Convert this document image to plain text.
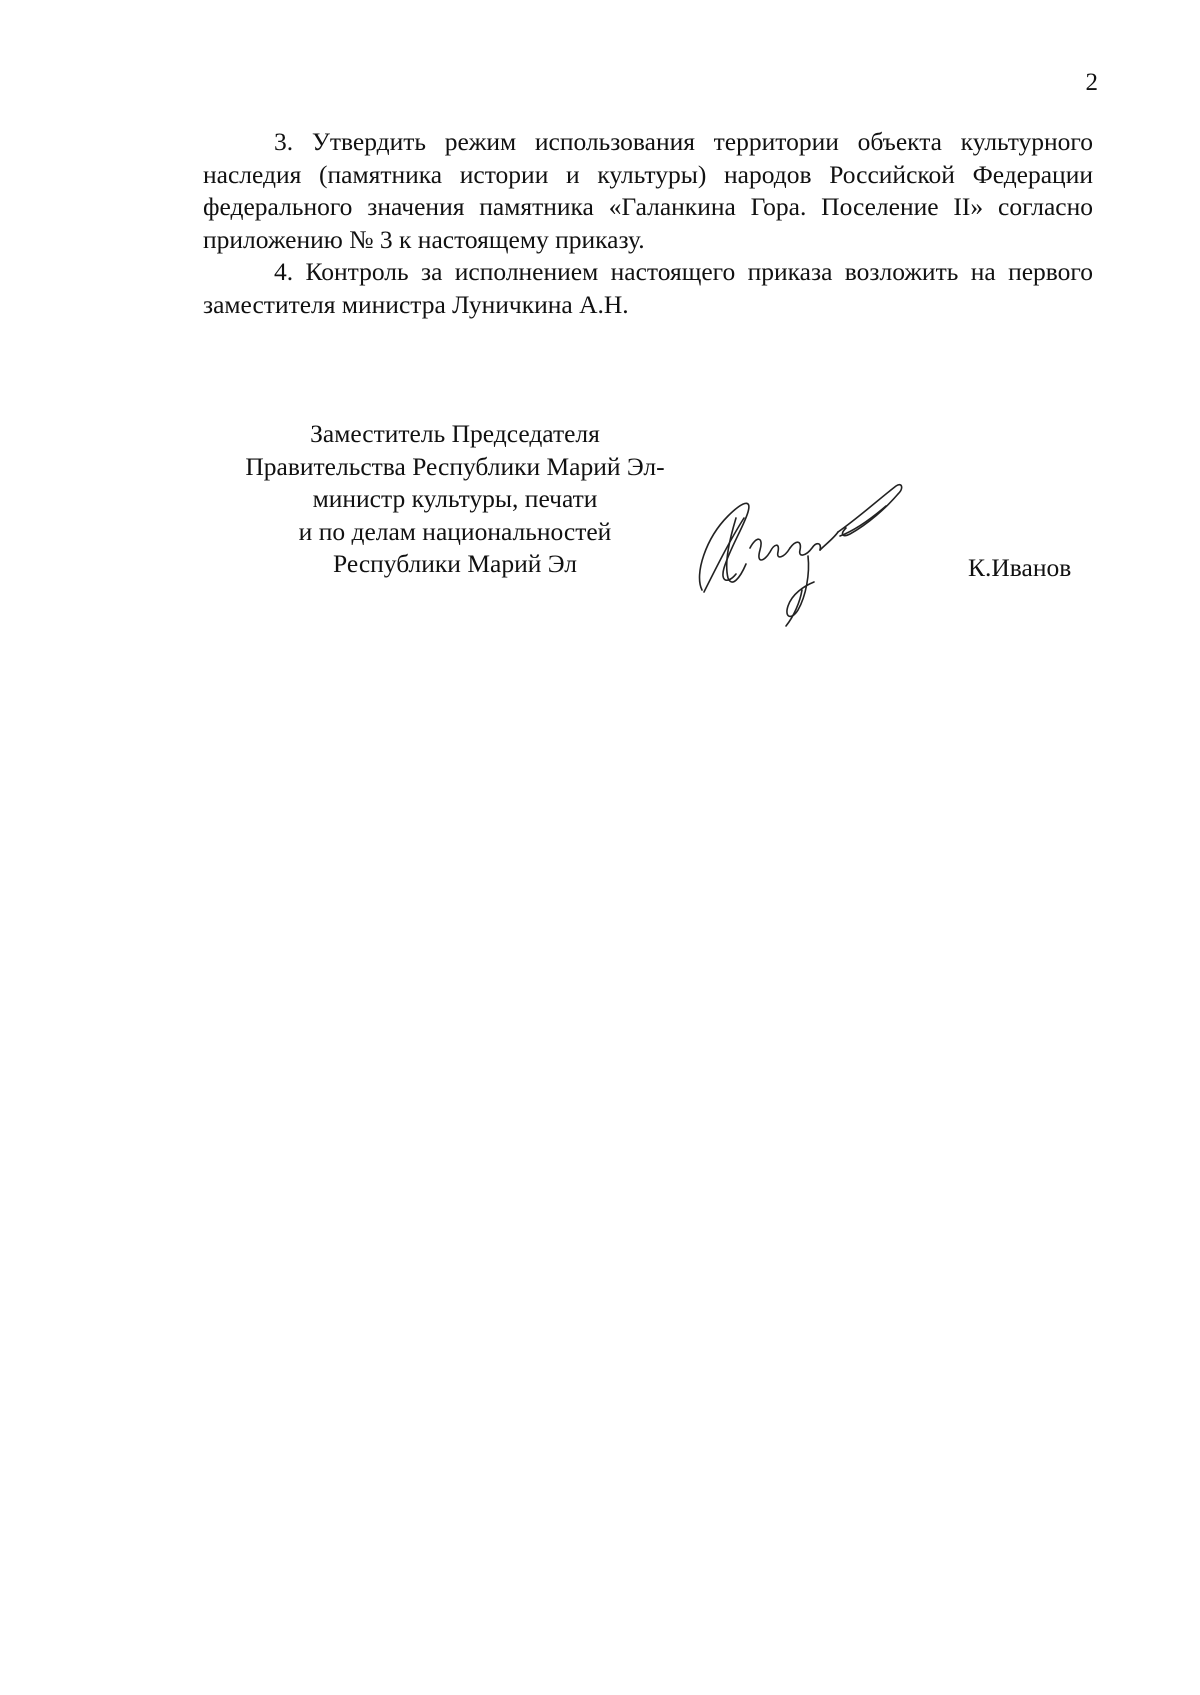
2

3. Утвердить режим использования территории объекта культурного наследия (памятника истории и культуры) народов Российской Федерации федерального значения памятника «Галанкина Гора. Поселение II» согласно приложению № 3 к настоящему приказу.

4. Контроль за исполнением настоящего приказа возложить на первого заместителя министра Луничкина А.Н.

Заместитель Председателя
Правительства Республики Марий Эл-
министр культуры, печати
и по делам национальностей
Республики Марий Эл	К.Иванов
